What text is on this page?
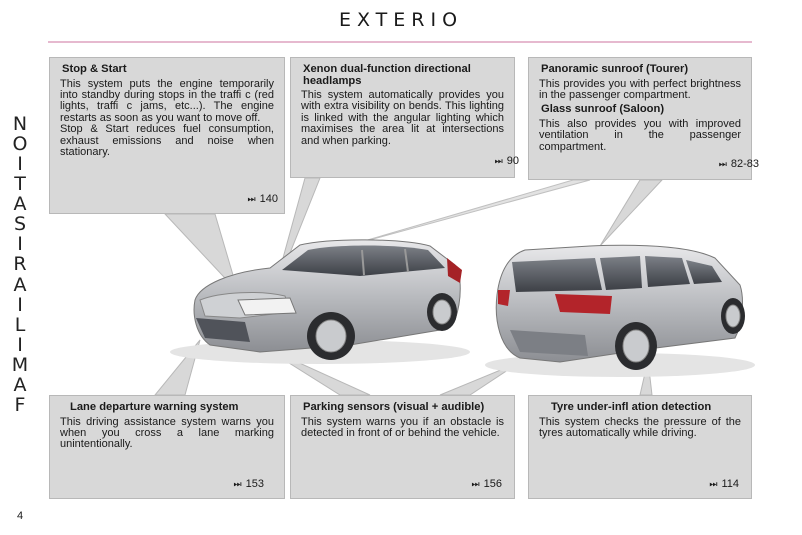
EXTERIO
N
O
I
T
A
S
I
R
A
I
L
I
M
A
F
4
Stop & Start

This system puts the engine temporarily into standby during stops in the traffi c (red lights, traffi c jams, etc...). The engine restarts as soon as you want to move off.

Stop & Start reduces fuel consumption, exhaust emissions and noise when stationary.

⏭ 140
Xenon dual-function directional headlamps

This system automatically provides you with extra visibility on bends. This lighting is linked with the angular lighting which maximises the area lit at intersections and when parking.

⏭ 90
Panoramic sunroof (Tourer)

This provides you with perfect brightness in the passenger compartment.

Glass sunroof (Saloon)

This also provides you with improved ventilation in the passenger compartment.

⏭ 82-83
Lane departure warning system

This driving assistance system warns you when you cross a lane marking unintentionally.

⏭ 153
Parking sensors (visual + audible)

This system warns you if an obstacle is detected in front of or behind the vehicle.

⏭ 156
Tyre under-infl ation detection

This system checks the pressure of the tyres automatically while driving.

⏭ 114
